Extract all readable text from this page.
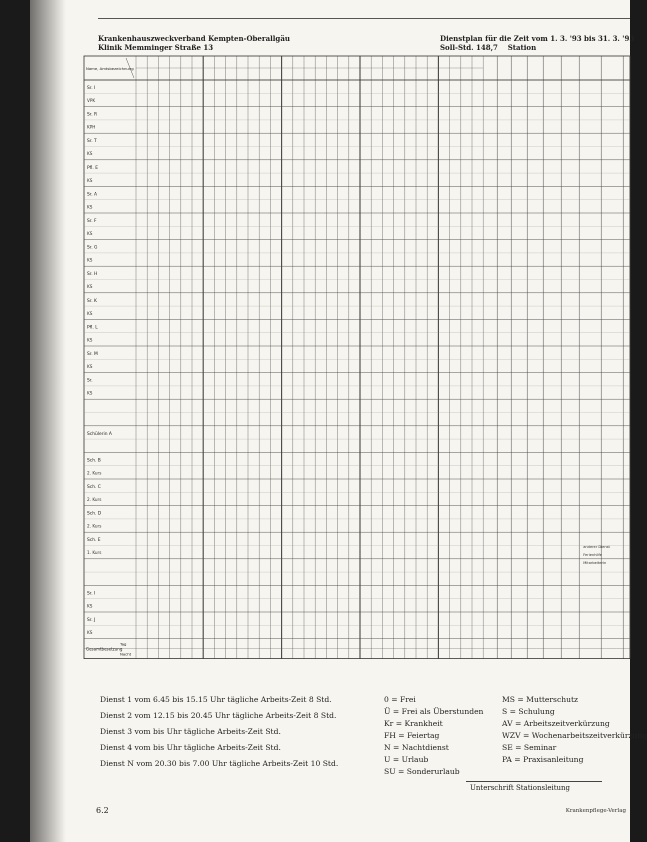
Krankenhauszweckverband Kempten-Oberallgäu
Klinik Memminger Straße 13
Dienstplan für die Zeit vom 1. 3. '93 bis 31. 3. '93
Soll-Std. 148,7 Station
Name, Amtsbezeichnung
Sr. I
VPK
Sr. R
KPH
Sr. T
KS
Pfl. E
KS
Sr. A
KS
Sr. F
KS
Sr. G
KS
Sr. H
KS
Sr. K
KS
Pfl. L
KS
Sr. M
KS
Sr.
KS
Schülerin A
Sch. B
2. Kurs
Sch. C
2. Kurs
Sch. D
2. Kurs
Sch. E
1. Kurs
Sr. I
KS
Sr. J
KS
Gesamtbesetzung
Tag
Nacht
anderer Dienst
Ferienhilfe
Mitarbeiterin
Dienst 1 vom 6.45 bis 15.15 Uhr tägliche Arbeits-Zeit 8 Std.
Dienst 2 vom 12.15 bis 20.45 Uhr tägliche Arbeits-Zeit 8 Std.
Dienst 3 vom bis Uhr tägliche Arbeits-Zeit Std.
Dienst 4 vom bis Uhr tägliche Arbeits-Zeit Std.
Dienst N vom 20.30 bis 7.00 Uhr tägliche Arbeits-Zeit 10 Std.
0 = Frei
Ü = Frei als Überstunden
Kr = Krankheit
FH = Feiertag
N = Nachtdienst
U = Urlaub
SU = Sonderurlaub
MS = Mutterschutz
S = Schulung
AV = Arbeitszeitverkürzung
WZV = Wochenarbeitszeitverkürzung
SE = Seminar
PA = Praxisanleitung
Unterschrift Stationsleitung
6.2	Krankenpflege-Verlag
